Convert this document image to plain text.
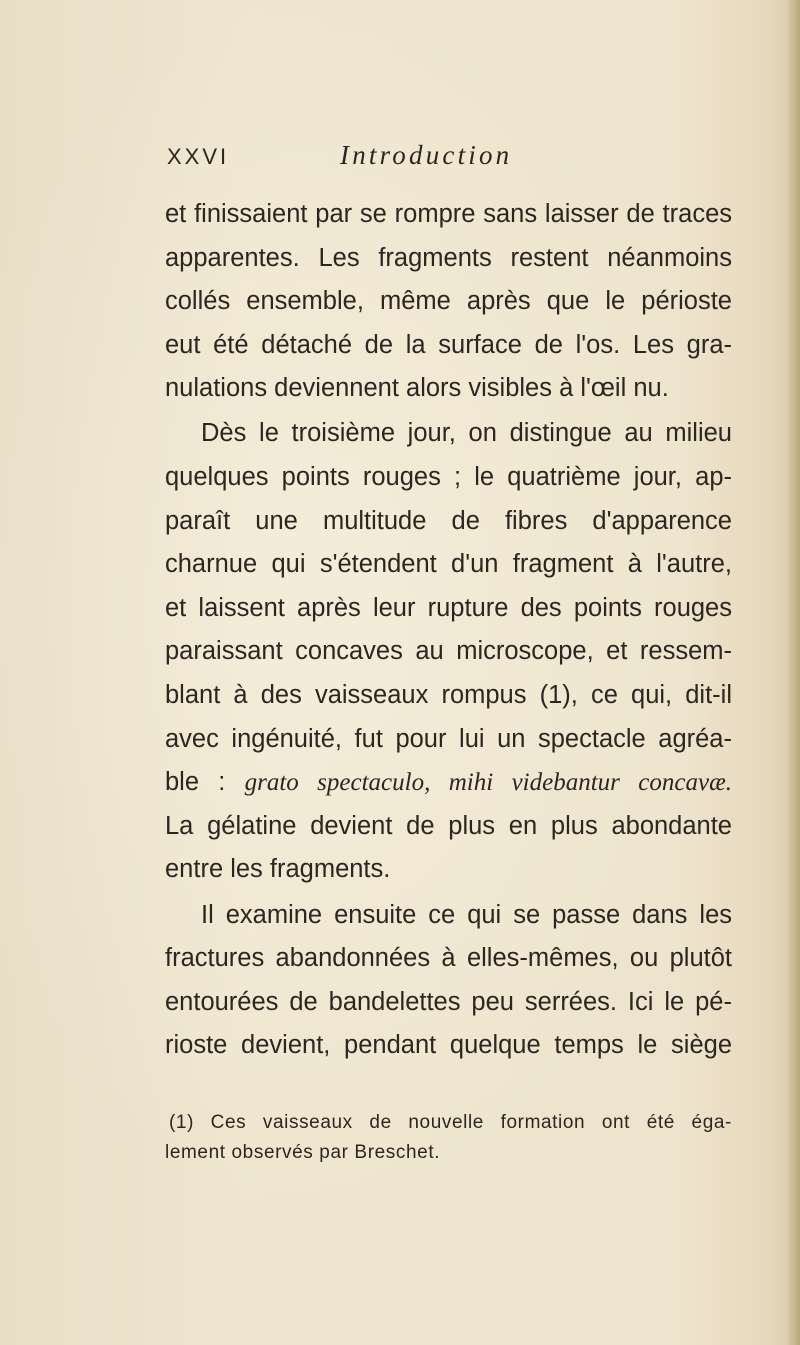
XXVI	Introduction
et finissaient par se rompre sans laisser de traces
apparentes. Les fragments restent néanmoins
collés ensemble, même après que le périoste
eut été détaché de la surface de l'os. Les gra-
nulations deviennent alors visibles à l'œil nu.
Dès le troisième jour, on distingue au milieu
quelques points rouges ; le quatrième jour, ap-
paraît une multitude de fibres d'apparence
charnue qui s'étendent d'un fragment à l'autre,
et laissent après leur rupture des points rouges
paraissant concaves au microscope, et ressem-
blant à des vaisseaux rompus (1), ce qui, dit-il
avec ingénuité, fut pour lui un spectacle agréa-
ble : grato spectaculo, mihi videbantur concavæ.
La gélatine devient de plus en plus abondante
entre les fragments.
Il examine ensuite ce qui se passe dans les
fractures abandonnées à elles-mêmes, ou plutôt
entourées de bandelettes peu serrées. Ici le pé-
rioste devient, pendant quelque temps le siège
(1) Ces vaisseaux de nouvelle formation ont été éga-
lement observés par Breschet.
